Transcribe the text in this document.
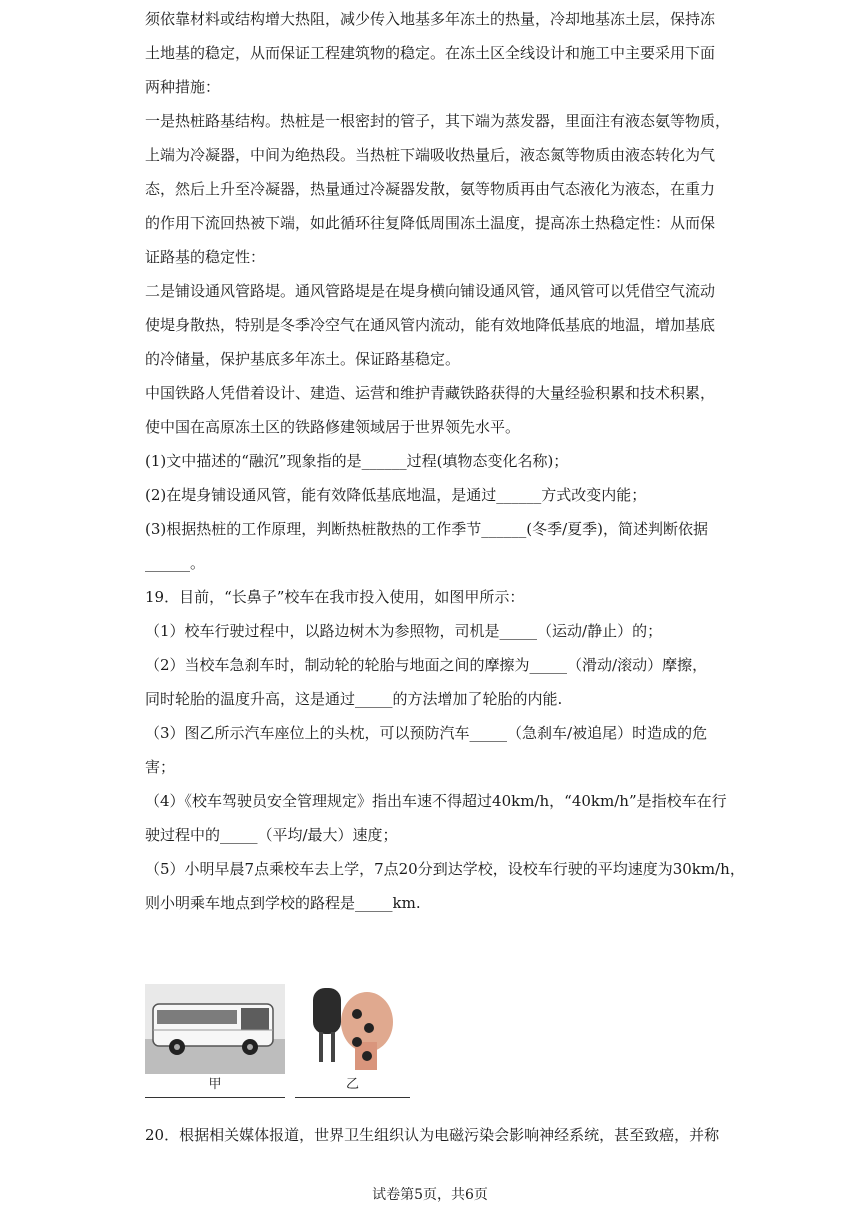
须依靠材料或结构增大热阻，减少传入地基多年冻土的热量，冷却地基冻土层，保持冻
土地基的稳定，从而保证工程建筑物的稳定。在冻土区全线设计和施工中主要采用下面
两种措施：
一是热桩路基结构。热桩是一根密封的管子，其下端为蒸发器，里面注有液态氨等物质，
上端为冷凝器，中间为绝热段。当热桩下端吸收热量后，液态氮等物质由液态转化为气
态，然后上升至冷凝器，热量通过冷凝器发散，氨等物质再由气态液化为液态，在重力
的作用下流回热被下端，如此循环往复降低周围冻土温度，提高冻土热稳定性：从而保
证路基的稳定性：
二是铺设通风管路堤。通风管路堤是在堤身横向铺设通风管，通风管可以凭借空气流动
使堤身散热，特别是冬季冷空气在通风管内流动，能有效地降低基底的地温，增加基底
的冷储量，保护基底多年冻土。保证路基稳定。
中国铁路人凭借着设计、建造、运营和维护青藏铁路获得的大量经验积累和技术积累，
使中国在高原冻土区的铁路修建领域居于世界领先水平。
(1)文中描述的“融沉”现象指的是______过程(填物态变化名称)；
(2)在堤身铺设通风管，能有效降低基底地温，是通过______方式改变内能；
(3)根据热桩的工作原理，判断热桩散热的工作季节______(冬季/夏季)，简述判断依据
______。
19．目前，“长鼻子”校车在我市投入使用，如图甲所示：
（1）校车行驶过程中，以路边树木为参照物，司机是_____（运动/静止）的；
（2）当校车急刹车时，制动轮的轮胎与地面之间的摩擦为_____（滑动/滚动）摩擦，
同时轮胎的温度升高，这是通过_____的方法增加了轮胎的内能.
（3）图乙所示汽车座位上的头枕，可以预防汽车_____（急刹车/被追尾）时造成的危
害；
（4）《校车驾驶员安全管理规定》指出车速不得超过40km/h，“40km/h”是指校车在行
驶过程中的_____（平均/最大）速度；
（5）小明早晨7点乘校车去上学，7点20分到达学校，设校车行驶的平均速度为30km/h，
则小明乘车地点到学校的路程是_____km.
甲	乙
20．根据相关媒体报道，世界卫生组织认为电磁污染会影响神经系统，甚至致癌，并称
试卷第5页，共6页
